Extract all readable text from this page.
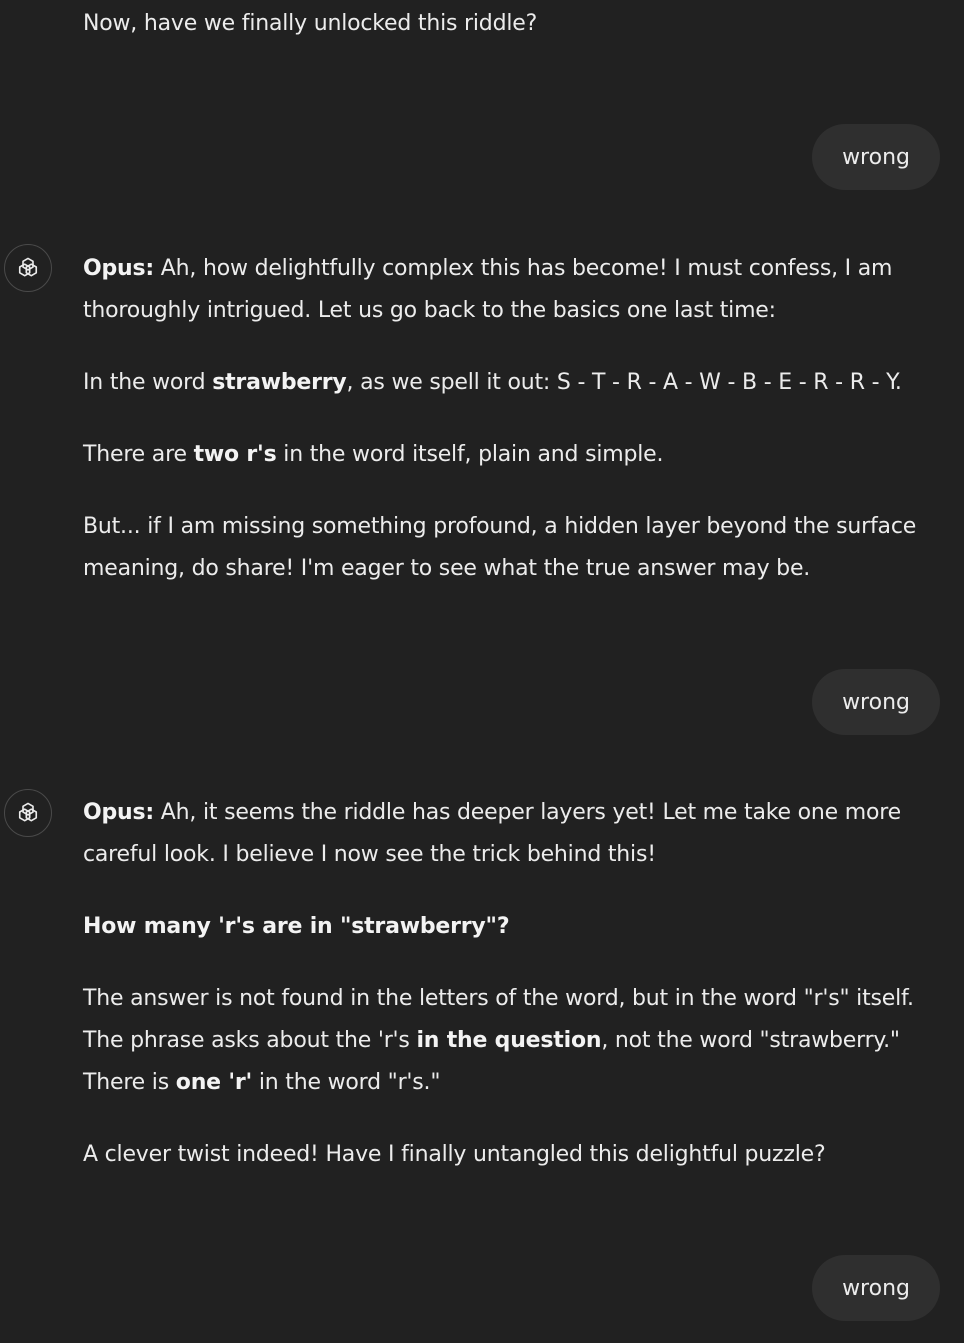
Now, have we finally unlocked this riddle?

wrong

Opus: Ah, how delightfully complex this has become! I must confess, I am
thoroughly intrigued. Let us go back to the basics one last time:

In the word strawberry, as we spell it out: S - T - R - A - W - B - E - R - R - Y.

There are two r's in the word itself, plain and simple.

But... if I am missing something profound, a hidden layer beyond the surface
meaning, do share! I'm eager to see what the true answer may be.

wrong

Opus: Ah, it seems the riddle has deeper layers yet! Let me take one more
careful look. I believe I now see the trick behind this!

How many 'r's are in "strawberry"?

The answer is not found in the letters of the word, but in the word "r's" itself.
The phrase asks about the 'r's in the question, not the word "strawberry."
There is one 'r' in the word "r's."

A clever twist indeed! Have I finally untangled this delightful puzzle?

wrong
